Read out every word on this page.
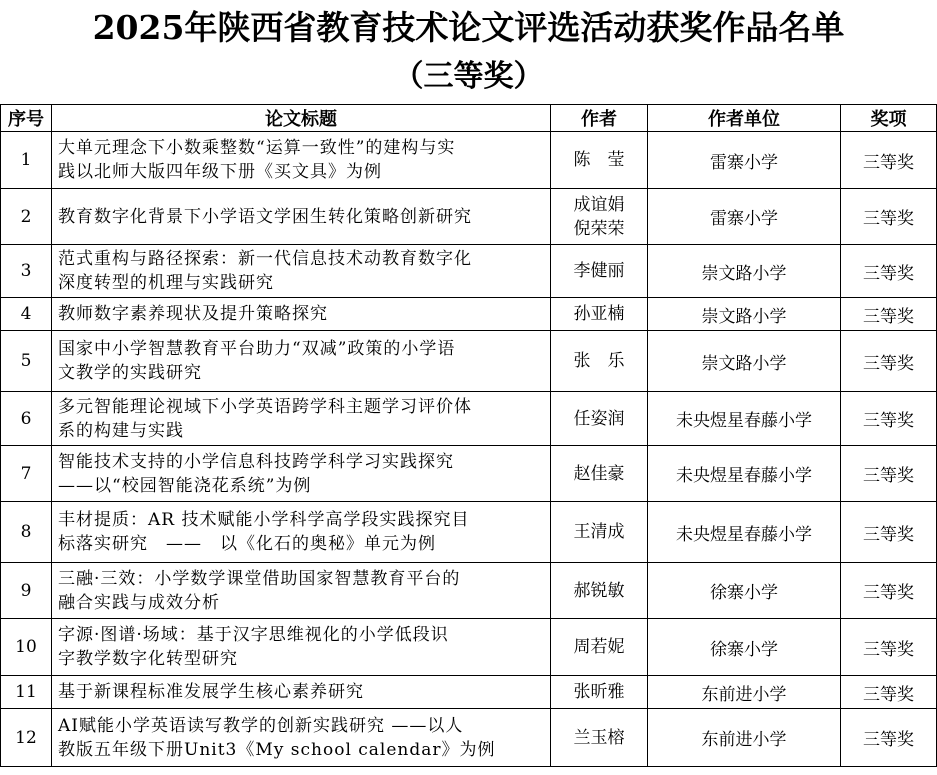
2025年陕西省教育技术论文评选活动获奖作品名单
（三等奖）
序号	论文标题	作者	作者单位	奖项
1	大单元理念下小数乘整数“运算一致性”的建构与实
践以北师大版四年级下册《买文具》为例	陈　莹	雷寨小学	三等奖
2	教育数字化背景下小学语文学困生转化策略创新研究	成谊娟
倪荣荣	雷寨小学	三等奖
3	范式重构与路径探索：新一代信息技术动教育数字化
深度转型的机理与实践研究	李健丽	崇文路小学	三等奖
4	教师数字素养现状及提升策略探究	孙亚楠	崇文路小学	三等奖
5	国家中小学智慧教育平台助力“双减”政策的小学语
文教学的实践研究	张　乐	崇文路小学	三等奖
6	多元智能理论视域下小学英语跨学科主题学习评价体
系的构建与实践	任姿润	未央煜星春藤小学	三等奖
7	智能技术支持的小学信息科技跨学科学习实践探究
——以“校园智能浇花系统”为例	赵佳豪	未央煜星春藤小学	三等奖
8	丰材提质：AR 技术赋能小学科学高学段实践探究目
标落实研究　——　以《化石的奥秘》单元为例	王清成	未央煜星春藤小学	三等奖
9	三融·三效：小学数学课堂借助国家智慧教育平台的
融合实践与成效分析	郝锐敏	徐寨小学	三等奖
10	字源·图谱·场域：基于汉字思维视化的小学低段识
字教学数字化转型研究	周若妮	徐寨小学	三等奖
11	基于新课程标准发展学生核心素养研究	张昕雅	东前进小学	三等奖
12	AI赋能小学英语读写教学的创新实践研究 ——以人
教版五年级下册Unit3《My school calendar》为例	兰玉榕	东前进小学	三等奖
